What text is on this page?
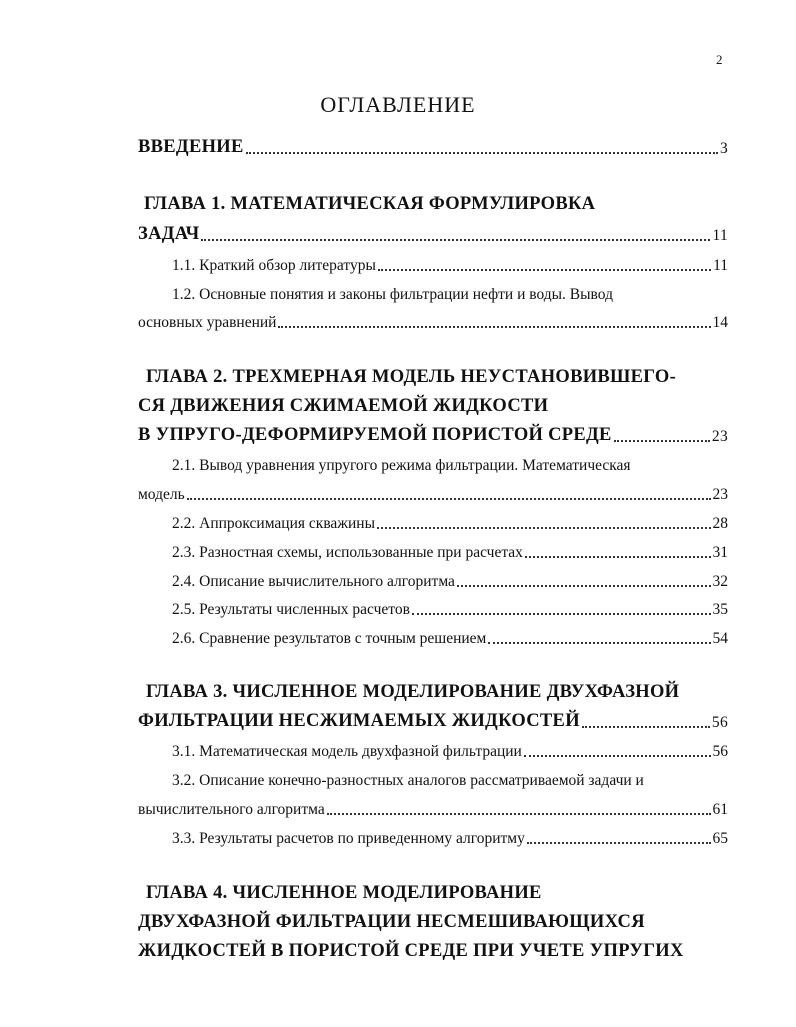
2
ОГЛАВЛЕНИЕ
ВВЕДЕНИЕ	3
ГЛАВА 1. МАТЕМАТИЧЕСКАЯ ФОРМУЛИРОВКА
ЗАДАЧ	11
1.1. Краткий обзор литературы	11
1.2. Основные понятия и законы фильтрации нефти и воды. Вывод
основных уравнений	14
ГЛАВА 2. ТРЕХМЕРНАЯ МОДЕЛЬ НЕУСТАНОВИВШЕГО-
СЯ ДВИЖЕНИЯ СЖИМАЕМОЙ ЖИДКОСТИ
В УПРУГО-ДЕФОРМИРУЕМОЙ ПОРИСТОЙ СРЕДЕ	23
2.1. Вывод уравнения упругого режима фильтрации. Математическая
модель	23
2.2. Аппроксимация скважины	28
2.3. Разностная схемы, использованные при расчетах	31
2.4. Описание вычислительного алгоритма	32
2.5. Результаты численных расчетов	35
2.6. Сравнение результатов с точным решением	54
ГЛАВА 3. ЧИСЛЕННОЕ МОДЕЛИРОВАНИЕ ДВУХФАЗНОЙ
ФИЛЬТРАЦИИ НЕСЖИМАЕМЫХ ЖИДКОСТЕЙ	56
3.1. Математическая модель двухфазной фильтрации	56
3.2. Описание конечно-разностных аналогов рассматриваемой задачи и
вычислительного алгоритма	61
3.3. Результаты расчетов по приведенному алгоритму	65
ГЛАВА 4. ЧИСЛЕННОЕ МОДЕЛИРОВАНИЕ
ДВУХФАЗНОЙ ФИЛЬТРАЦИИ НЕСМЕШИВАЮЩИХСЯ
ЖИДКОСТЕЙ В ПОРИСТОЙ СРЕДЕ ПРИ УЧЕТЕ УПРУГИХ
